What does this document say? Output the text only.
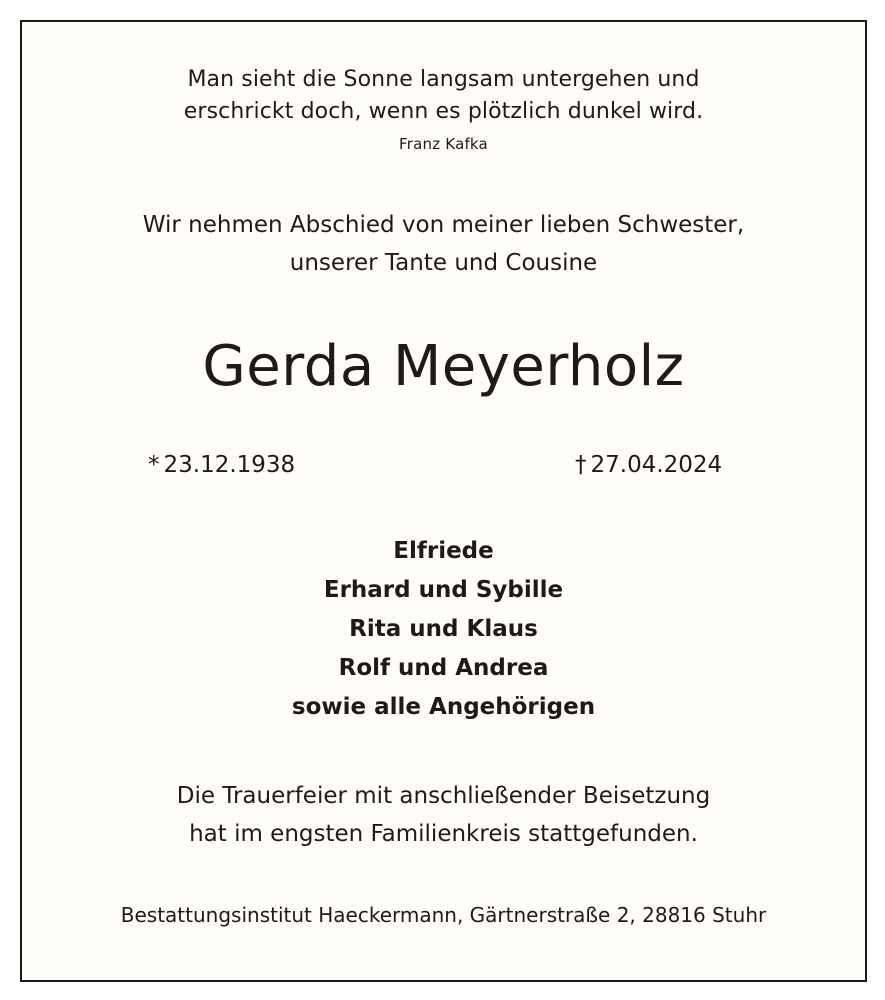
Man sieht die Sonne langsam untergehen und
erschrickt doch, wenn es plötzlich dunkel wird.
Franz Kafka
Wir nehmen Abschied von meiner lieben Schwester,
unserer Tante und Cousine
Gerda Meyerholz
* 23.12.1938	† 27.04.2024
Elfriede
Erhard und Sybille
Rita und Klaus
Rolf und Andrea
sowie alle Angehörigen
Die Trauerfeier mit anschließender Beisetzung
hat im engsten Familienkreis stattgefunden.
Bestattungsinstitut Haeckermann, Gärtnerstraße 2, 28816 Stuhr
